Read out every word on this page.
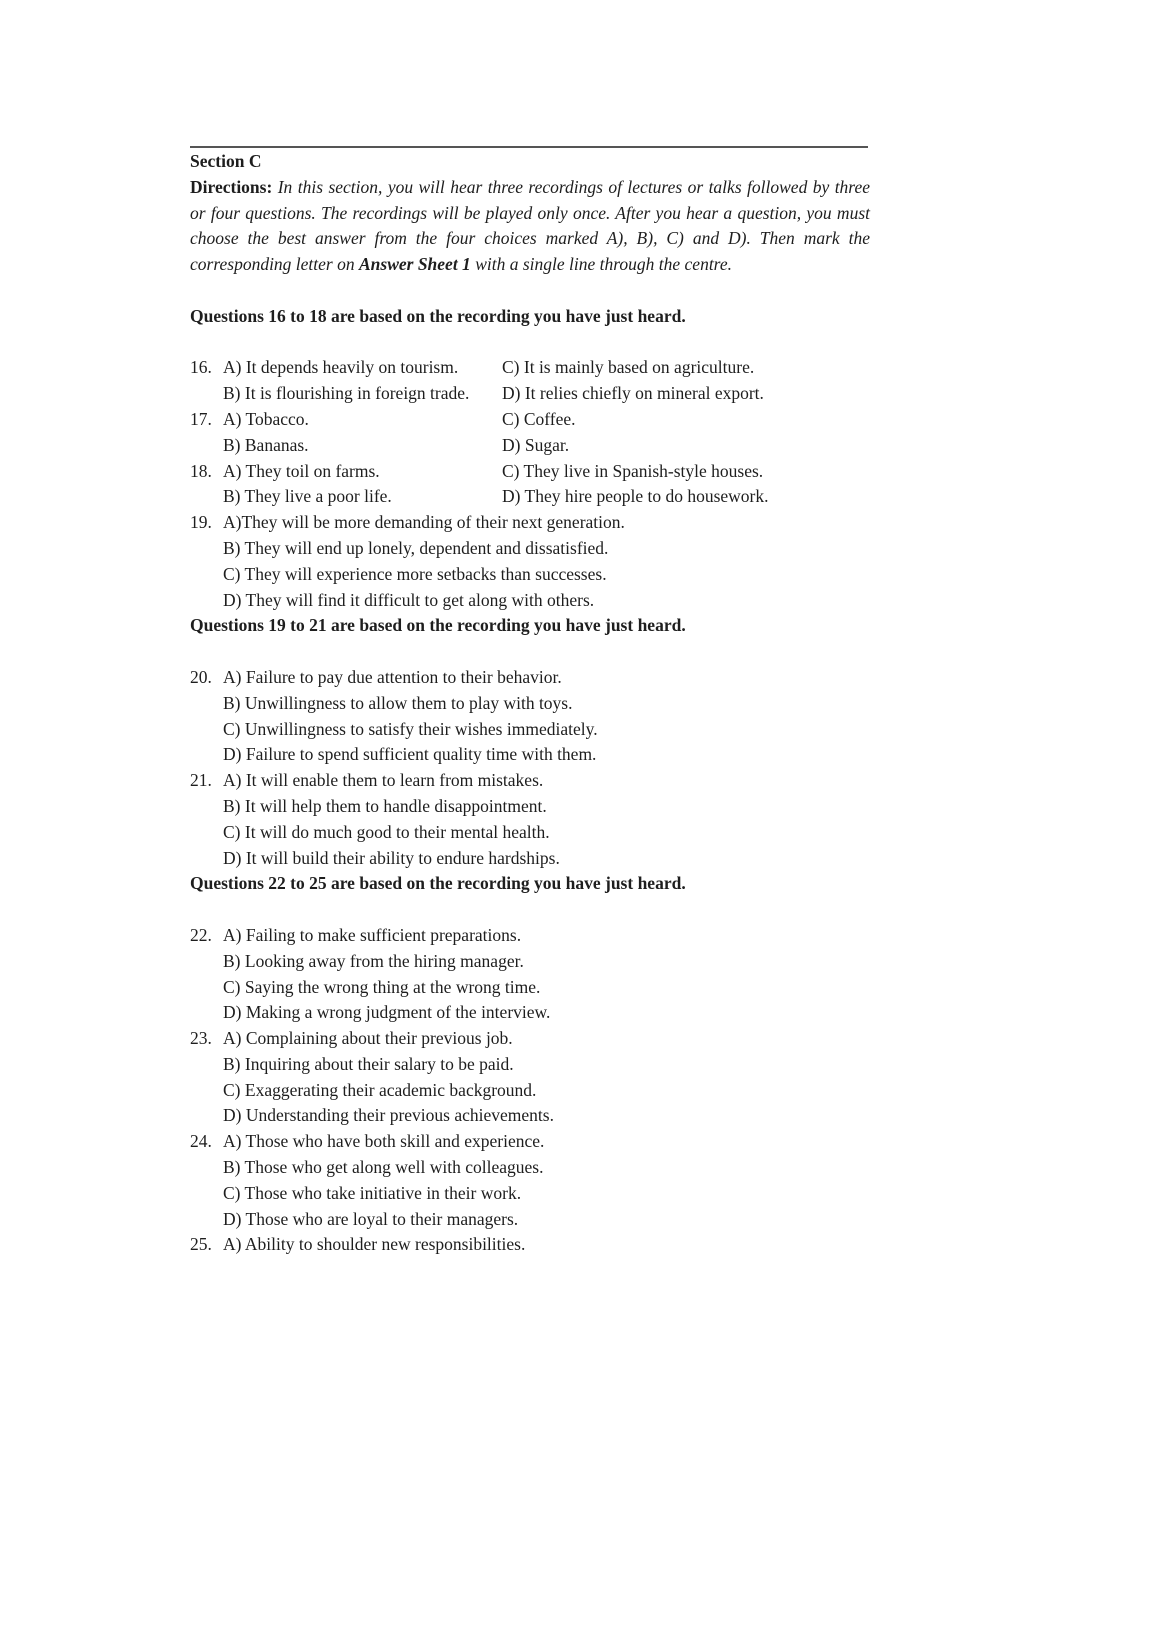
Section C
Directions: In this section, you will hear three recordings of lectures or talks followed by three or four questions. The recordings will be played only once. After you hear a question, you must choose the best answer from the four choices marked A), B), C) and D). Then mark the corresponding letter on Answer Sheet 1 with a single line through the centre.
Questions 16 to 18 are based on the recording you have just heard.
16. A) It depends heavily on tourism.	C) It is mainly based on agriculture.
B) It is flourishing in foreign trade. D) It relies chiefly on mineral export.
17. A) Tobacco.	C) Coffee.
B) Bananas.	D) Sugar.
18. A) They toil on farms.	C) They live in Spanish-style houses.
B) They live a poor life.	D) They hire people to do housework.
19. A)They will be more demanding of their next generation.
B) They will end up lonely, dependent and dissatisfied.
C) They will experience more setbacks than successes.
D) They will find it difficult to get along with others.
Questions 19 to 21 are based on the recording you have just heard.
20. A) Failure to pay due attention to their behavior.
B) Unwillingness to allow them to play with toys.
C) Unwillingness to satisfy their wishes immediately.
D) Failure to spend sufficient quality time with them.
21. A) It will enable them to learn from mistakes.
B) It will help them to handle disappointment.
C) It will do much good to their mental health.
D) It will build their ability to endure hardships.
Questions 22 to 25 are based on the recording you have just heard.
22. A) Failing to make sufficient preparations.
B) Looking away from the hiring manager.
C) Saying the wrong thing at the wrong time.
D) Making a wrong judgment of the interview.
23. A) Complaining about their previous job.
B) Inquiring about their salary to be paid.
C) Exaggerating their academic background.
D) Understanding their previous achievements.
24. A) Those who have both skill and experience.
B) Those who get along well with colleagues.
C) Those who take initiative in their work.
D) Those who are loyal to their managers.
25. A) Ability to shoulder new responsibilities.
